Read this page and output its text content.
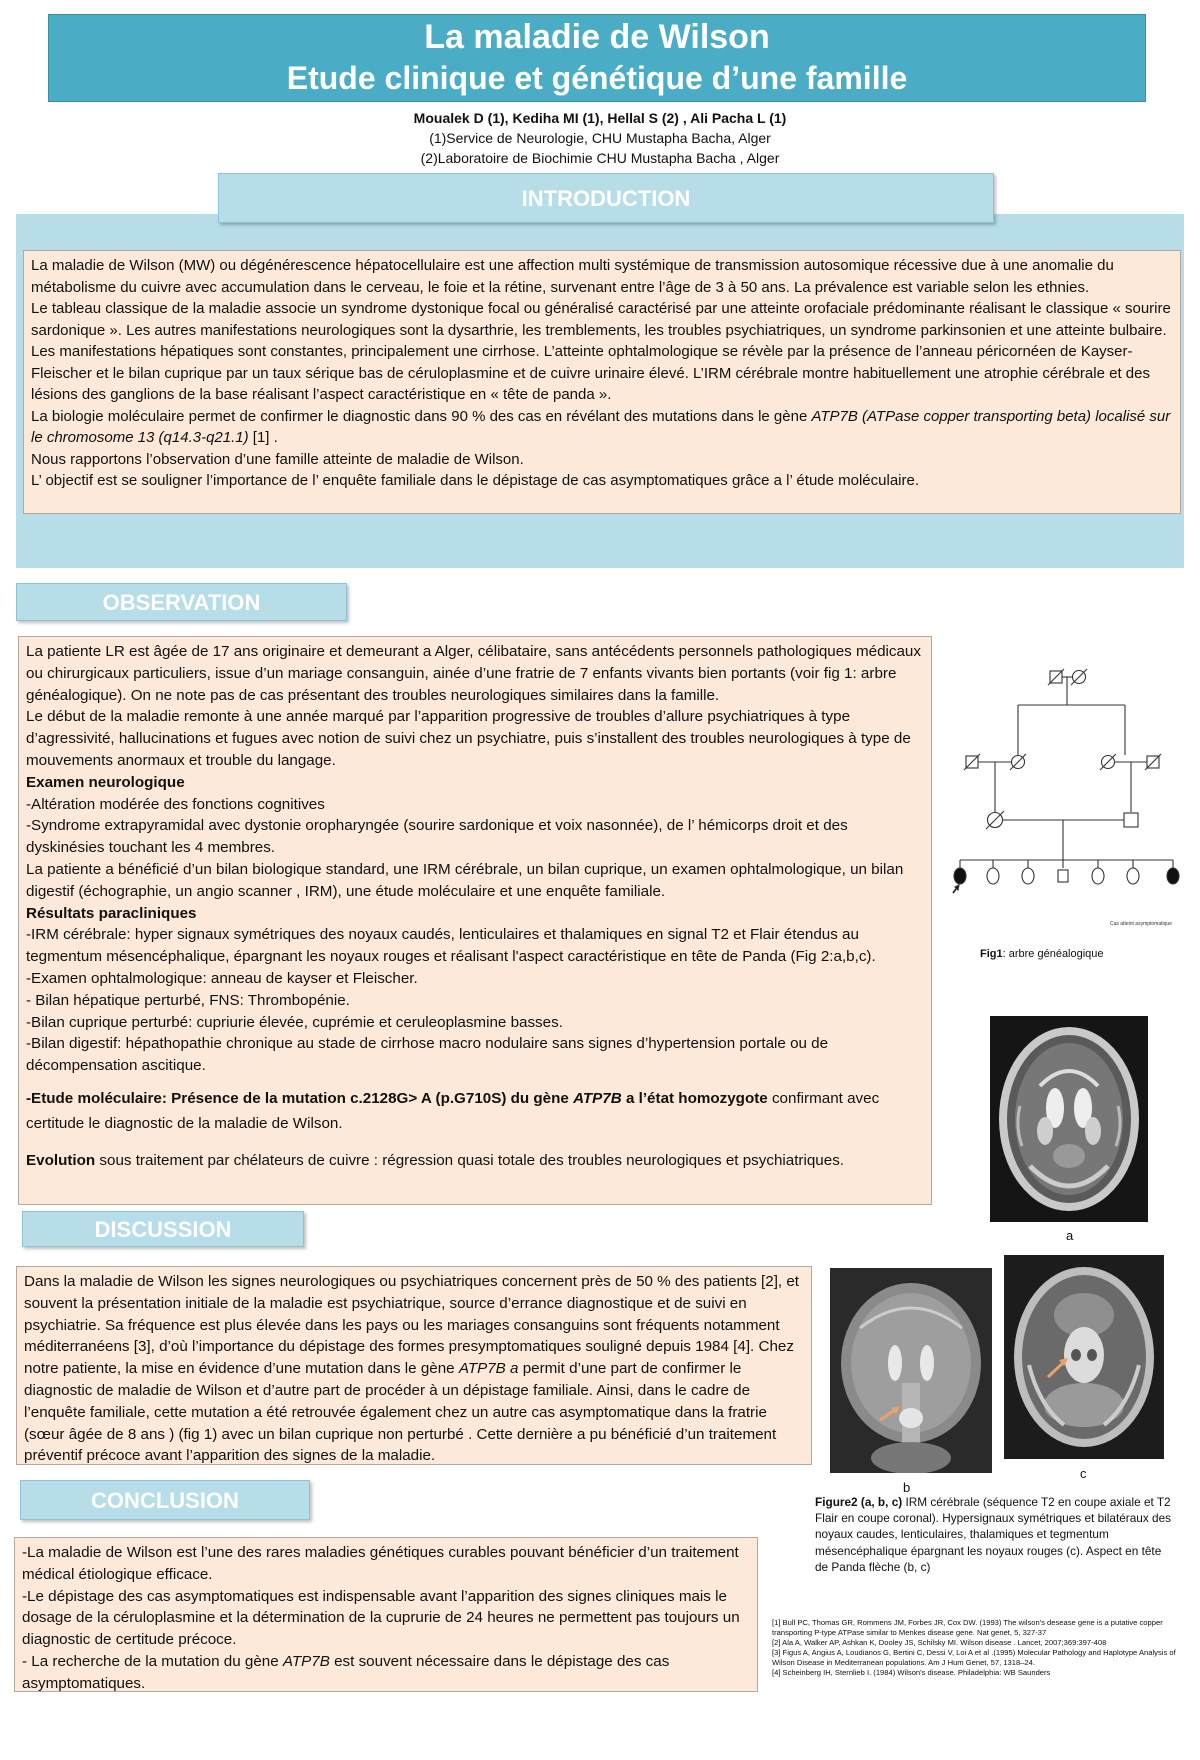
La maladie de Wilson
Etude clinique et génétique d’une famille
Moualek D (1), Kediha MI (1), Hellal S (2) , Ali Pacha L (1)
(1)Service de Neurologie, CHU Mustapha Bacha, Alger
(2)Laboratoire de Biochimie CHU Mustapha Bacha , Alger
INTRODUCTION

La maladie de Wilson (MW) ou dégénérescence hépatocellulaire est une affection multi systémique de transmission autosomique récessive due à une anomalie du métabolisme du cuivre avec accumulation dans le cerveau, le foie et la rétine, survenant entre l’âge de 3 à 50 ans. La prévalence est variable selon les ethnies.

Le tableau classique de la maladie associe un syndrome dystonique focal ou généralisé caractérisé par une atteinte orofaciale prédominante réalisant le classique « sourire sardonique ». Les autres manifestations neurologiques sont la dysarthrie, les tremblements, les troubles psychiatriques, un syndrome parkinsonien et une atteinte bulbaire. Les manifestations hépatiques sont constantes, principalement une cirrhose. L’atteinte ophtalmologique se révèle par la présence de l’anneau péricornéen de Kayser- Fleischer et le bilan cuprique par un taux sérique bas de céruloplasmine et de cuivre urinaire élevé. L’IRM cérébrale montre habituellement une atrophie cérébrale et des lésions des ganglions de la base réalisant l’aspect caractéristique en « tête de panda ».

La biologie moléculaire permet de confirmer le diagnostic dans 90 % des cas en révélant des mutations dans le gène ATP7B (ATPase copper transporting beta) localisé sur le chromosome 13 (q14.3-q21.1) [1] .

Nous rapportons l’observation d’une famille atteinte de maladie de Wilson.

L’ objectif est se souligner l’importance de l’ enquête familiale dans le dépistage de cas asymptomatiques grâce a l’ étude moléculaire.

OBSERVATION

La patiente LR est âgée de 17 ans originaire et demeurant a Alger, célibataire, sans antécédents personnels pathologiques médicaux ou chirurgicaux particuliers, issue d’un mariage consanguin, ainée d’une fratrie de 7 enfants vivants bien portants (voir fig 1: arbre généalogique). On ne note pas de cas présentant des troubles neurologiques similaires dans la famille.

Le début de la maladie remonte à une année marqué par l’apparition progressive de troubles d’allure psychiatriques à type d’agressivité, hallucinations et fugues avec notion de suivi chez un psychiatre, puis s’installent des troubles neurologiques à type de mouvements anormaux et trouble du langage.

Examen neurologique

-Altération modérée des fonctions cognitives

-Syndrome extrapyramidal avec dystonie oropharyngée (sourire sardonique et voix nasonnée), de l’ hémicorps droit et des dyskinésies touchant les 4 membres.

La patiente a bénéficié d’un bilan biologique standard, une IRM cérébrale, un bilan cuprique, un examen ophtalmologique, un bilan digestif (échographie, un angio scanner , IRM), une étude moléculaire et une enquête familiale.

Résultats paracliniques

-IRM cérébrale: hyper signaux symétriques des noyaux caudés, lenticulaires et thalamiques en signal T2 et Flair étendus au tegmentum mésencéphalique, épargnant les noyaux rouges et réalisant l'aspect caractéristique en tête de Panda (Fig 2:a,b,c).

-Examen ophtalmologique: anneau de kayser et Fleischer.

- Bilan hépatique perturbé, FNS: Thrombopénie.

-Bilan cuprique perturbé: cupriurie élevée, cuprémie et ceruleoplasmine basses.

-Bilan digestif: hépathopathie chronique au stade de cirrhose macro nodulaire sans signes d’hypertension portale ou de décompensation ascitique.

-Etude moléculaire: Présence de la mutation c.2128G> A (p.G710S) du gène ATP7B a l’état homozygote confirmant avec certitude le diagnostic de la maladie de Wilson.

Evolution sous traitement par chélateurs de cuivre : régression quasi totale des troubles neurologiques et psychiatriques.

Cas atteint asymptomatique
Fig1: arbre généalogique
a
b
c
Figure2 (a, b, c) IRM cérébrale (séquence T2 en coupe axiale et T2 Flair en coupe coronal). Hypersignaux symétriques et bilatéraux des noyaux caudes, lenticulaires, thalamiques et tegmentum mésencéphalique épargnant les noyaux rouges (c). Aspect en tête de Panda flèche (b, c)
DISCUSSION

Dans la maladie de Wilson les signes neurologiques ou psychiatriques concernent près de 50 % des patients [2], et souvent la présentation initiale de la maladie est psychiatrique, source d’errance diagnostique et de suivi en psychiatrie. Sa fréquence est plus élevée dans les pays ou les mariages consanguins sont fréquents notamment méditerranéens [3], d’où l’importance du dépistage des formes presymptomatiques souligné depuis 1984 [4]. Chez notre patiente, la mise en évidence d’une mutation dans le gène ATP7B a permit d’une part de confirmer le diagnostic de maladie de Wilson et d’autre part de procéder à un dépistage familiale. Ainsi, dans le cadre de l’enquête familiale, cette mutation a été retrouvée également chez un autre cas asymptomatique dans la fratrie (sœur âgée de 8 ans ) (fig 1) avec un bilan cuprique non perturbé . Cette dernière a pu bénéficié d’un traitement préventif précoce avant l’apparition des signes de la maladie.

CONCLUSION

-La maladie de Wilson est l’une des rares maladies génétiques curables pouvant bénéficier d’un traitement médical étiologique efficace.

-Le dépistage des cas asymptomatiques est indispensable avant l’apparition des signes cliniques mais le dosage de la céruloplasmine et la détermination de la cuprurie de 24 heures ne permettent pas toujours un diagnostic de certitude précoce.

- La recherche de la mutation du gène ATP7B est souvent nécessaire dans le dépistage des cas asymptomatiques.

[1] Bull PC, Thomas GR, Rommens JM, Forbes JR, Cox DW. (1993) The wilson's desease gene is a putative copper transporting P-type ATPase similar to Menkes disease gene. Nat genet, 5, 327-37

[2] Ala A, Walker AP, Ashkan K, Dooley JS, Schilsky MI. Wilson disease . Lancet, 2007;369:397-408

[3] Figus A, Angius A, Loudianos G, Bertini C, Dessi V, Loi A et al .(1995) Molecular Pathology and Haplotype Analysis of Wilson Disease in Mediterranean populations. Am J Hum Genet, 57, 1318–24.

[4] Scheinberg IH, Sternlieb I. (1984) Wilson's disease. Philadelphia: WB Saunders
